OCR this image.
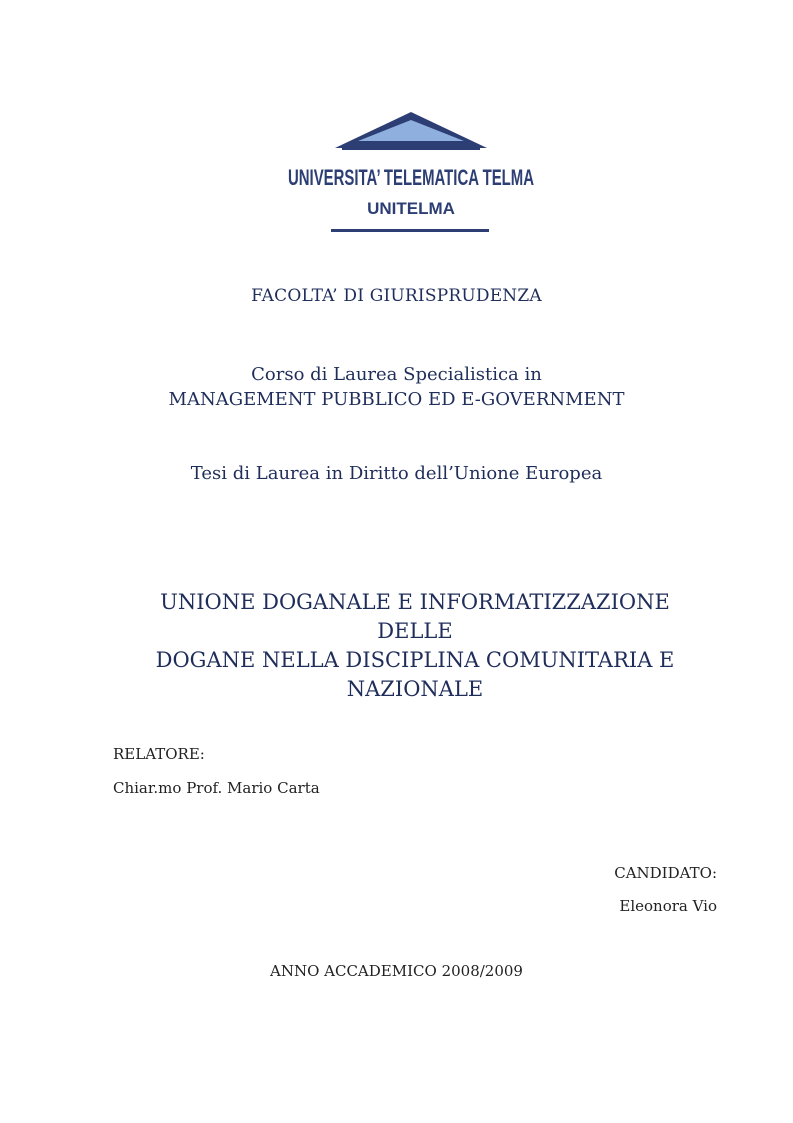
UNIVERSITA’ TELEMATICA TELMA
UNITELMA
FACOLTA’ DI GIURISPRUDENZA
Corso di Laurea Specialistica in
MANAGEMENT PUBBLICO ED E-GOVERNMENT
Tesi di Laurea in Diritto dell’Unione Europea
UNIONE DOGANALE E INFORMATIZZAZIONE DELLE
DOGANE NELLA DISCIPLINA COMUNITARIA E
NAZIONALE
RELATORE:
Chiar.mo Prof. Mario Carta
CANDIDATO:
Eleonora Vio
ANNO ACCADEMICO 2008/2009
